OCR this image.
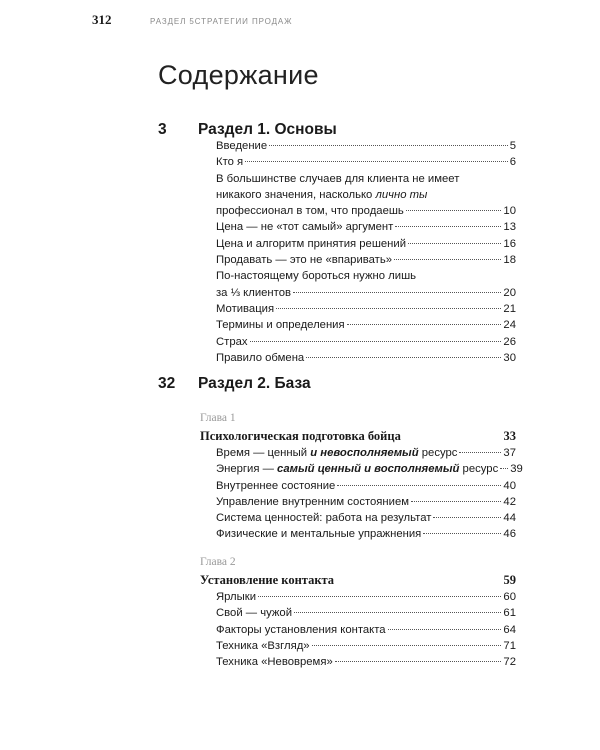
312	РАЗДЕЛ 5СТРАТЕГИИ ПРОДАЖ
Содержание
3	Раздел 1. Основы
Введение	5
Кто я	6
В большинстве случаев для клиента не имеет
никакого значения, насколько лично ты
профессионал в том, что продаешь	10
Цена — не «тот самый» аргумент	13
Цена и алгоритм принятия решений	16
Продавать — это не «впаривать»	18
По-настоящему бороться нужно лишь
за ⅓ клиентов	20
Мотивация	21
Термины и определения	24
Страх	26
Правило обмена	30
32	Раздел 2. База
Глава 1
Психологическая подготовка бойца	33
Время — ценный и невосполняемый ресурс	37
Энергия — самый ценный и восполняемый ресурс 39
Внутреннее состояние	40
Управление внутренним состоянием	42
Система ценностей: работа на результат	44
Физические и ментальные упражнения	46
Глава 2
Установление контакта	59
Ярлыки	60
Свой — чужой	61
Факторы установления контакта	64
Техника «Взгляд»	71
Техника «Невовремя»	72
